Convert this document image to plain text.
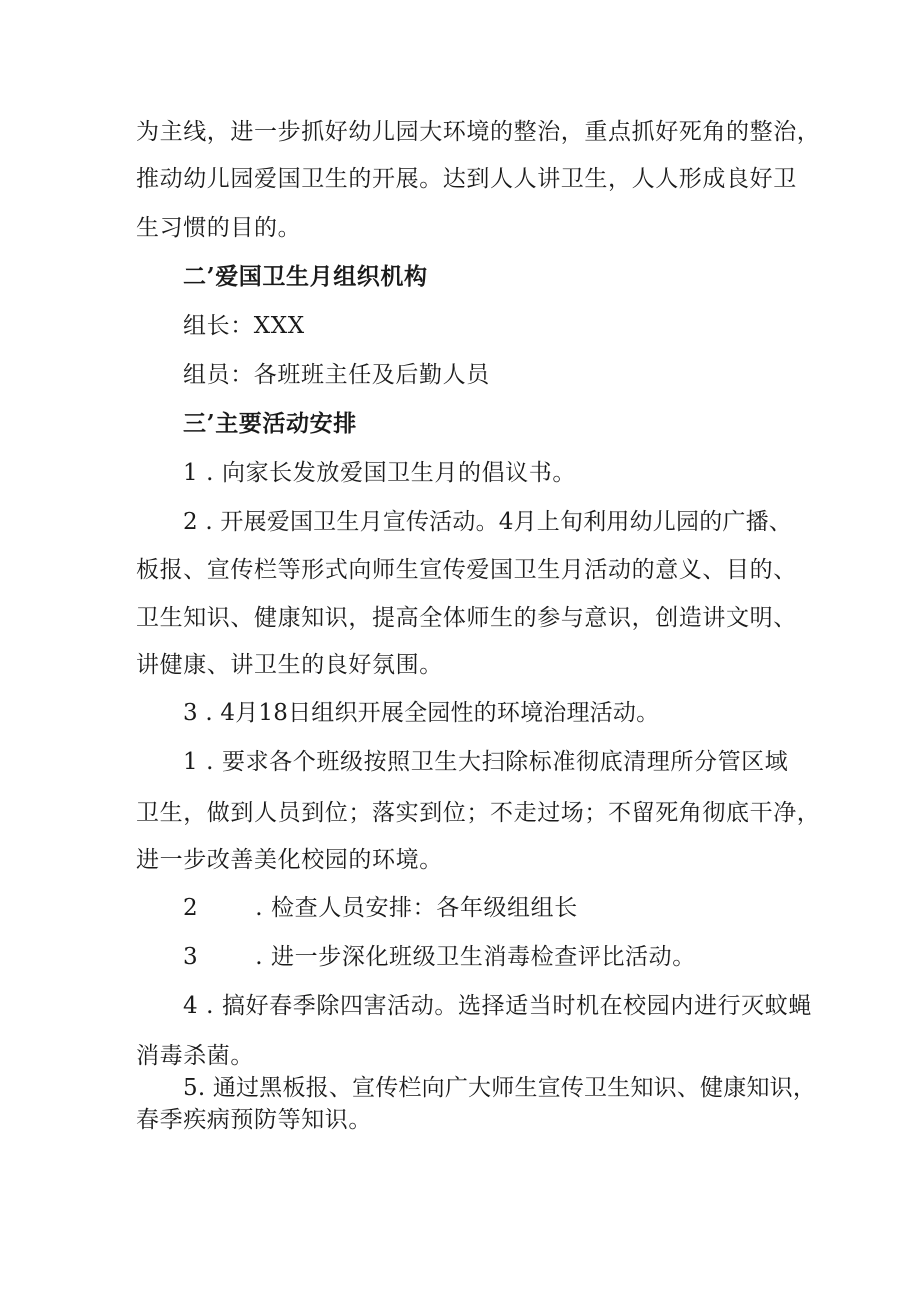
为主线，进一步抓好幼儿园大环境的整治，重点抓好死角的整治，
推动幼儿园爱国卫生的开展。达到人人讲卫生，人人形成良好卫
生习惯的目的。
二’爱国卫生月组织机构
组长：XXX
组员：各班班主任及后勤人员
三’主要活动安排
1 . 向家长发放爱国卫生月的倡议书。
2 . 开展爱国卫生月宣传活动。4月上旬利用幼儿园的广播、
板报、宣传栏等形式向师生宣传爱国卫生月活动的意义、目的、
卫生知识、健康知识，提高全体师生的参与意识，创造讲文明、
讲健康、讲卫生的良好氛围。
3 . 4月18日组织开展全园性的环境治理活动。
1 . 要求各个班级按照卫生大扫除标准彻底清理所分管区域
卫生，做到人员到位；落实到位；不走过场；不留死角彻底干净，
进一步改善美化校园的环境。
2 . 检查人员安排：各年级组组长
3 . 进一步深化班级卫生消毒检查评比活动。
4 . 搞好春季除四害活动。选择适当时机在校园内进行灭蚊蝇
消毒杀菌。
5. 通过黑板报、宣传栏向广大师生宣传卫生知识、健康知识，
春季疾病预防等知识。
